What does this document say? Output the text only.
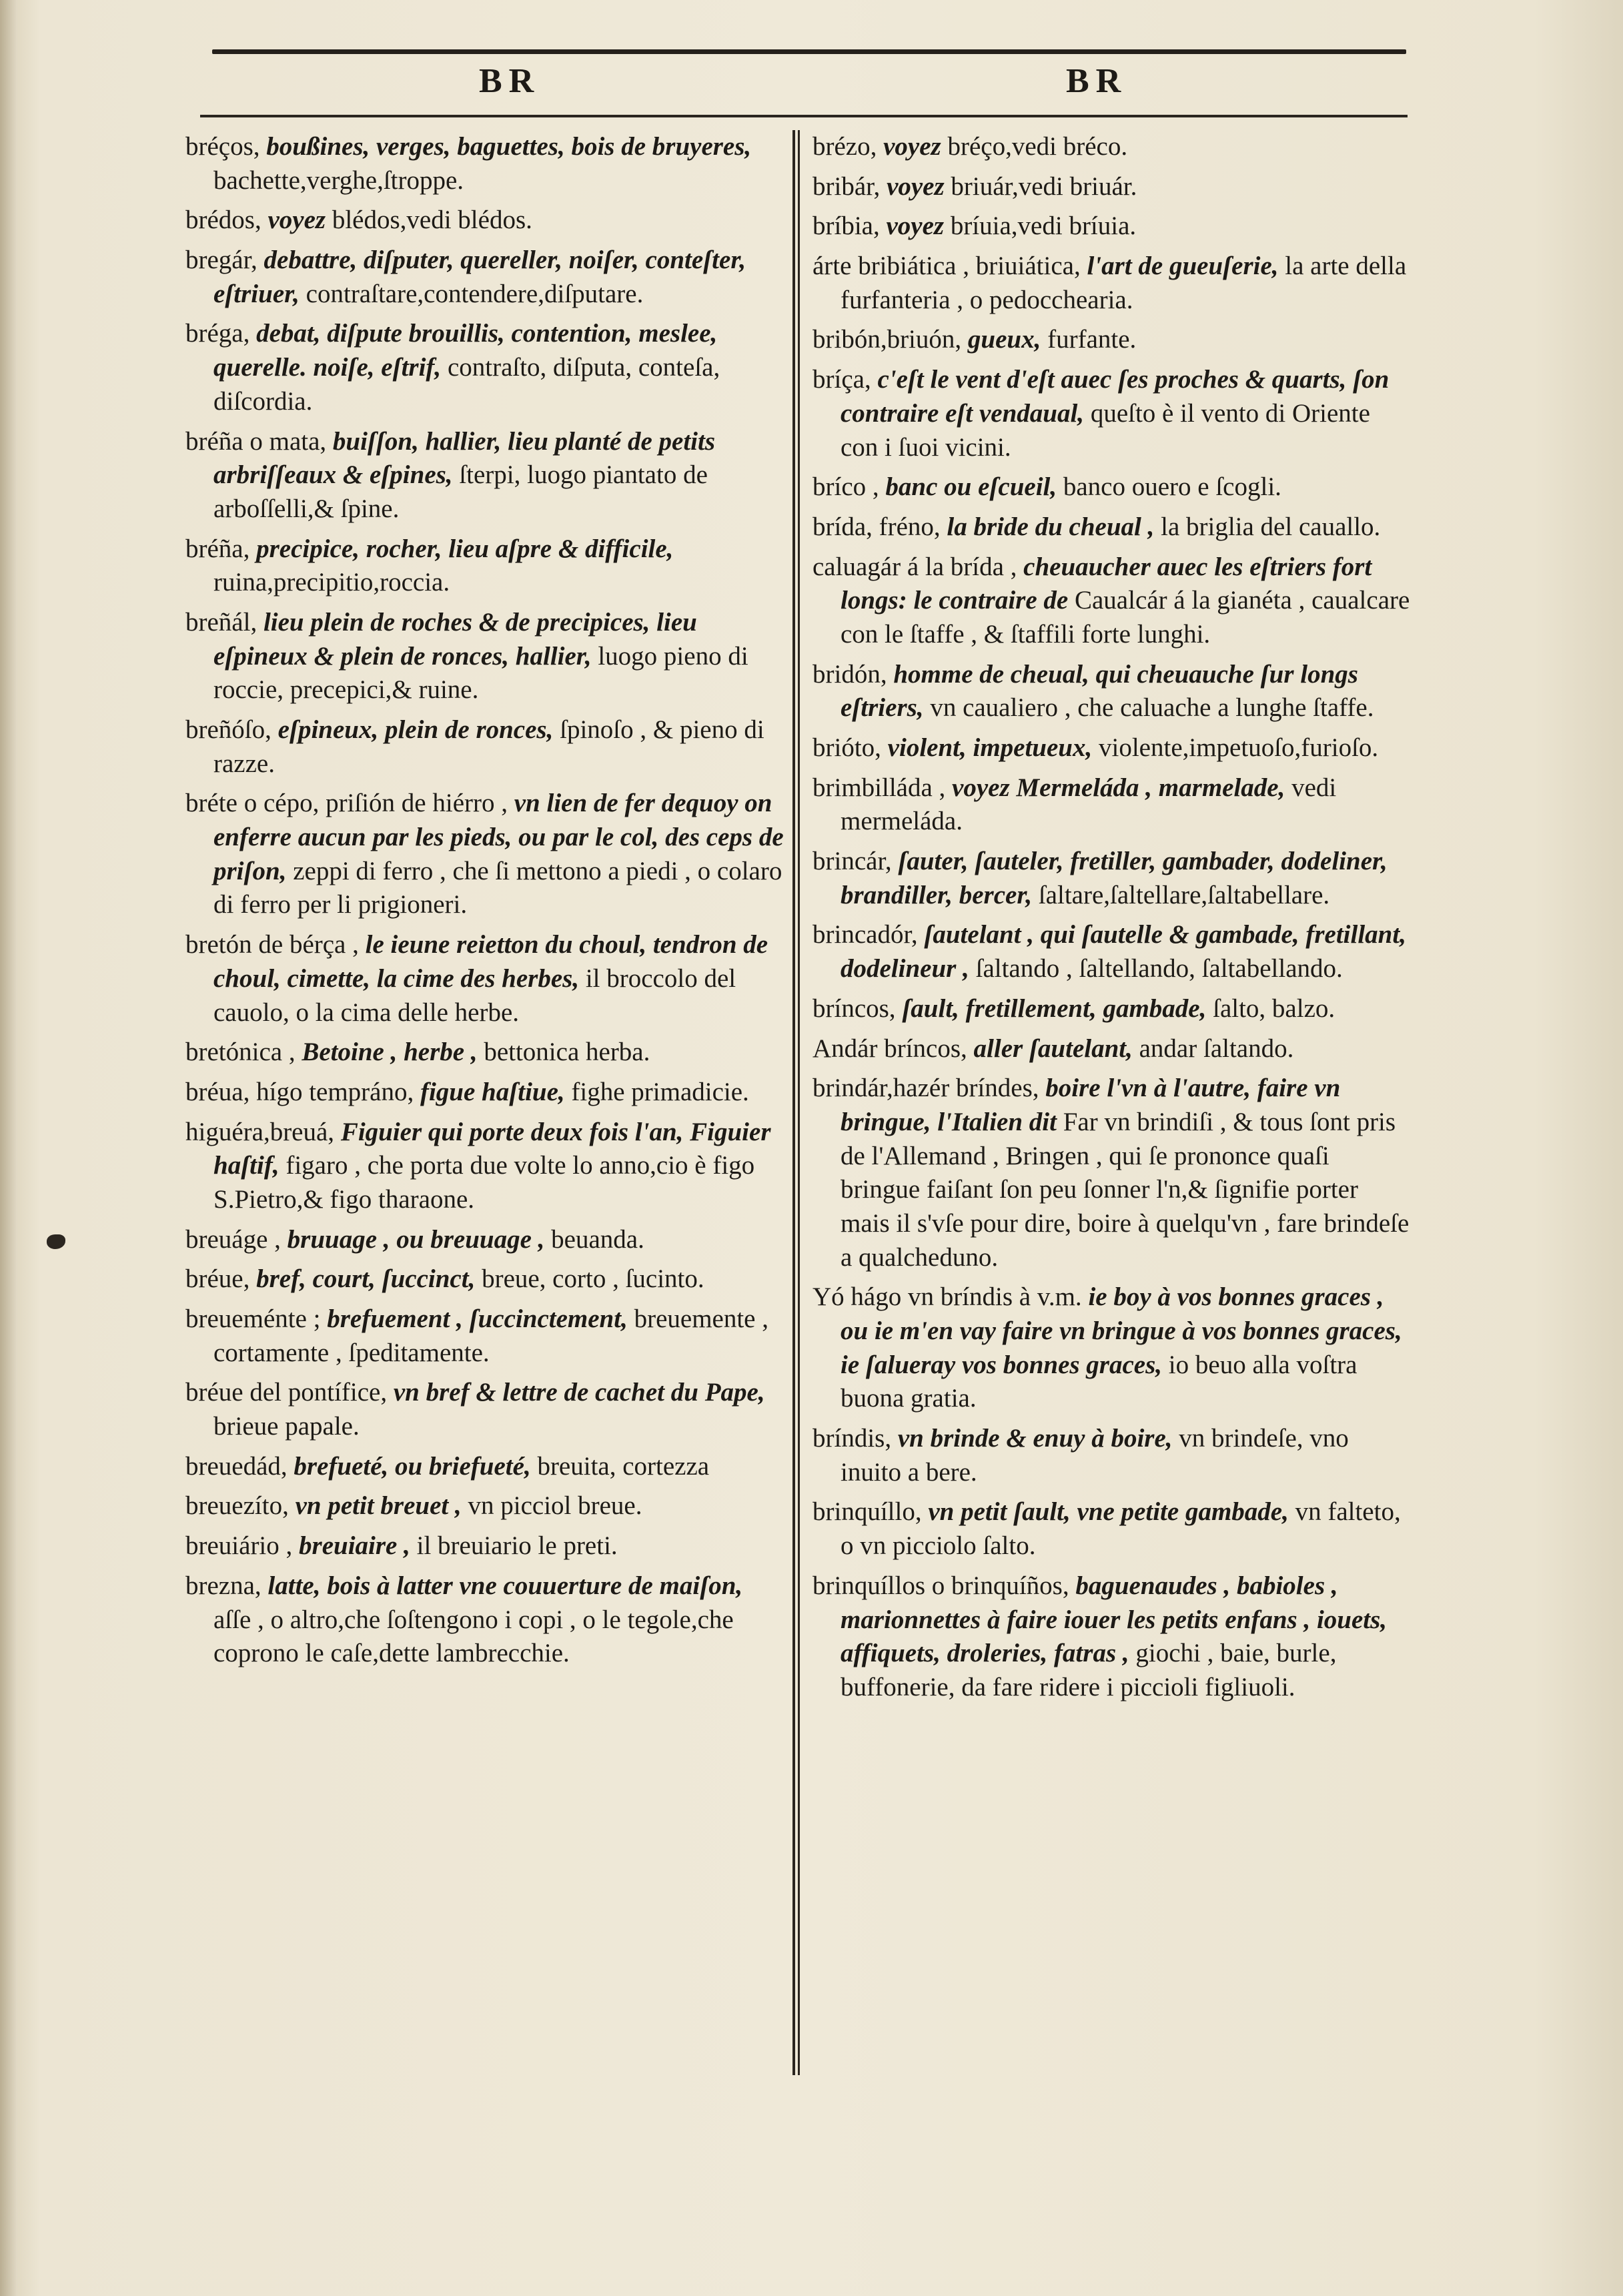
BR	BR

bréços, boußines, verges, baguettes, bois de bruyeres, bachette,verghe,ſtroppe.

brédos, voyez blédos,vedi blédos.

bregár, debattre, diſputer, quereller, noiſer, conteſter, eſtriuer, contraſtare,contendere,diſputare.

bréga, debat, diſpute brouillis, contention, meslee, querelle. noiſe, eſtrif, contraſto, diſputa, conteſa, diſcordia.

bréña o mata, buiſſon, hallier, lieu planté de petits arbriſſeaux & eſpines, ſterpi, luogo piantato de arboſſelli,& ſpine.

bréña, precipice, rocher, lieu aſpre & difficile, ruina,precipitio,roccia.

breñál, lieu plein de roches & de precipices, lieu eſpineux & plein de ronces, hallier, luogo pieno di roccie, precepici,& ruine.

breñóſo, eſpineux, plein de ronces, ſpinoſo , & pieno di razze.

bréte o cépo, priſión de hiérro , vn lien de fer dequoy on enferre aucun par les pieds, ou par le col, des ceps de priſon, zeppi di ferro , che ſi mettono a piedi , o colaro di ferro per li prigioneri.

bretón de bérça , le ieune reietton du choul, tendron de choul, cimette, la cime des herbes, il broccolo del cauolo, o la cima delle herbe.

bretónica , Betoine , herbe , bettonica herba.

bréua, hígo tempráno, figue haſtiue, fighe primadicie.

higuéra,breuá, Figuier qui porte deux fois l'an, Figuier haſtif, figaro , che porta due volte lo anno,cio è figo S.Pietro,& figo tharaone.

breuáge , bruuage , ou breuuage , beuanda.

bréue, bref, court, ſuccinct, breue, corto , ſucinto.

breueménte ; brefuement , ſuccinctement, breuemente , cortamente , ſpeditamente.

bréue del pontífice, vn bref & lettre de cachet du Pape, brieue papale.

breuedád, brefueté, ou briefueté, breuita, cortezza

breuezíto, vn petit breuet , vn picciol breue.

breuiário , breuiaire , il breuiario le preti.

brezna, latte, bois à latter vne couuerture de maiſon, aſſe , o altro,che ſoſtengono i copi , o le tegole,che coprono le caſe,dette lambrecchie.

brézo, voyez bréço,vedi bréco.

bribár, voyez briuár,vedi briuár.

bríbia, voyez bríuia,vedi bríuia.

árte bribiática , briuiática, l'art de gueuſerie, la arte della furfanteria , o pedocchearia.

bribón,briuón, gueux, furfante.

bríça, c'eſt le vent d'eſt auec ſes proches & quarts, ſon contraire eſt vendaual, queſto è il vento di Oriente con i ſuoi vicini.

bríco , banc ou eſcueil, banco ouero e ſcogli.

brída, fréno, la bride du cheual , la briglia del cauallo.

caluagár á la brída , cheuaucher auec les eſtriers fort longs: le contraire de Caualcár á la gianéta , caualcare con le ſtaffe , & ſtaffili forte lunghi.

bridón, homme de cheual, qui cheuauche ſur longs eſtriers, vn caualiero , che caluache a lunghe ſtaffe.

brióto, violent, impetueux, violente,impetuoſo,furioſo.

brimbilláda , voyez Mermeláda , marmelade, vedi mermeláda.

brincár, ſauter, ſauteler, fretiller, gambader, dodeliner, brandiller, bercer, ſaltare,ſaltellare,ſaltabellare.

brincadór, ſautelant , qui ſautelle & gambade, fretillant, dodelineur , ſaltando , ſaltellando, ſaltabellando.

bríncos, ſault, fretillement, gambade, ſalto, balzo.

Andár bríncos, aller ſautelant, andar ſaltando.

brindár,hazér bríndes, boire l'vn à l'autre, faire vn bringue, l'Italien dit Far vn brindiſi , & tous ſont pris de l'Allemand , Bringen , qui ſe prononce quaſi bringue faiſant ſon peu ſonner l'n,& ſignifie porter mais il s'vſe pour dire, boire à quelqu'vn , fare brindeſe a qualcheduno.

Yó hágo vn bríndis à v.m. ie boy à vos bonnes graces , ou ie m'en vay faire vn bringue à vos bonnes graces, ie ſalueray vos bonnes graces, io beuo alla voſtra buona gratia.

bríndis, vn brinde & enuy à boire, vn brindeſe, vno inuito a bere.

brinquíllo, vn petit ſault, vne petite gambade, vn falteto, o vn picciolo ſalto.

brinquíllos o brinquíños, baguenaudes , babioles , marionnettes à faire iouer les petits enfans , iouets, affiquets, droleries, fatras , giochi , baie, burle, buffonerie, da fare ridere i piccioli figliuoli.
